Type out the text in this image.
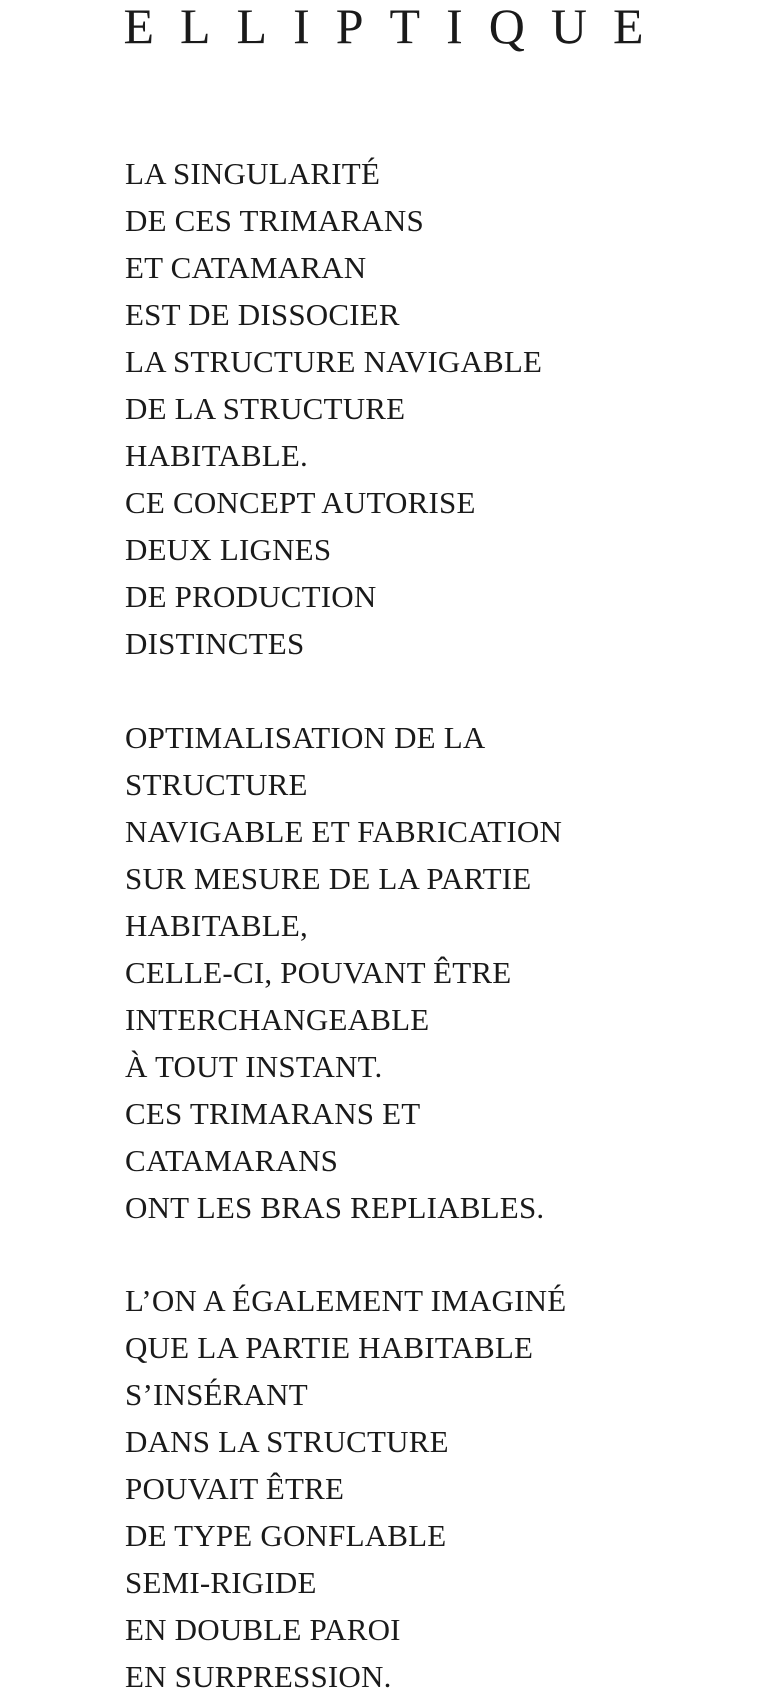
ELLIPTIQUE
LA SINGULARITÉ
DE CES TRIMARANS
ET CATAMARAN
EST DE DISSOCIER
LA STRUCTURE NAVIGABLE
DE LA STRUCTURE
HABITABLE.
CE CONCEPT AUTORISE
DEUX LIGNES
DE PRODUCTION
DISTINCTES
OPTIMALISATION DE LA
STRUCTURE
NAVIGABLE ET FABRICATION
SUR MESURE DE LA PARTIE
HABITABLE,
CELLE-CI, POUVANT ÊTRE
INTERCHANGEABLE
À TOUT INSTANT.
CES TRIMARANS ET
CATAMARANS
ONT LES BRAS REPLIABLES.
L’ON A ÉGALEMENT IMAGINÉ
QUE LA PARTIE HABITABLE
S’INSÉRANT
DANS LA STRUCTURE
POUVAIT ÊTRE
DE TYPE GONFLABLE
SEMI-RIGIDE
EN DOUBLE PAROI
EN SURPRESSION.
